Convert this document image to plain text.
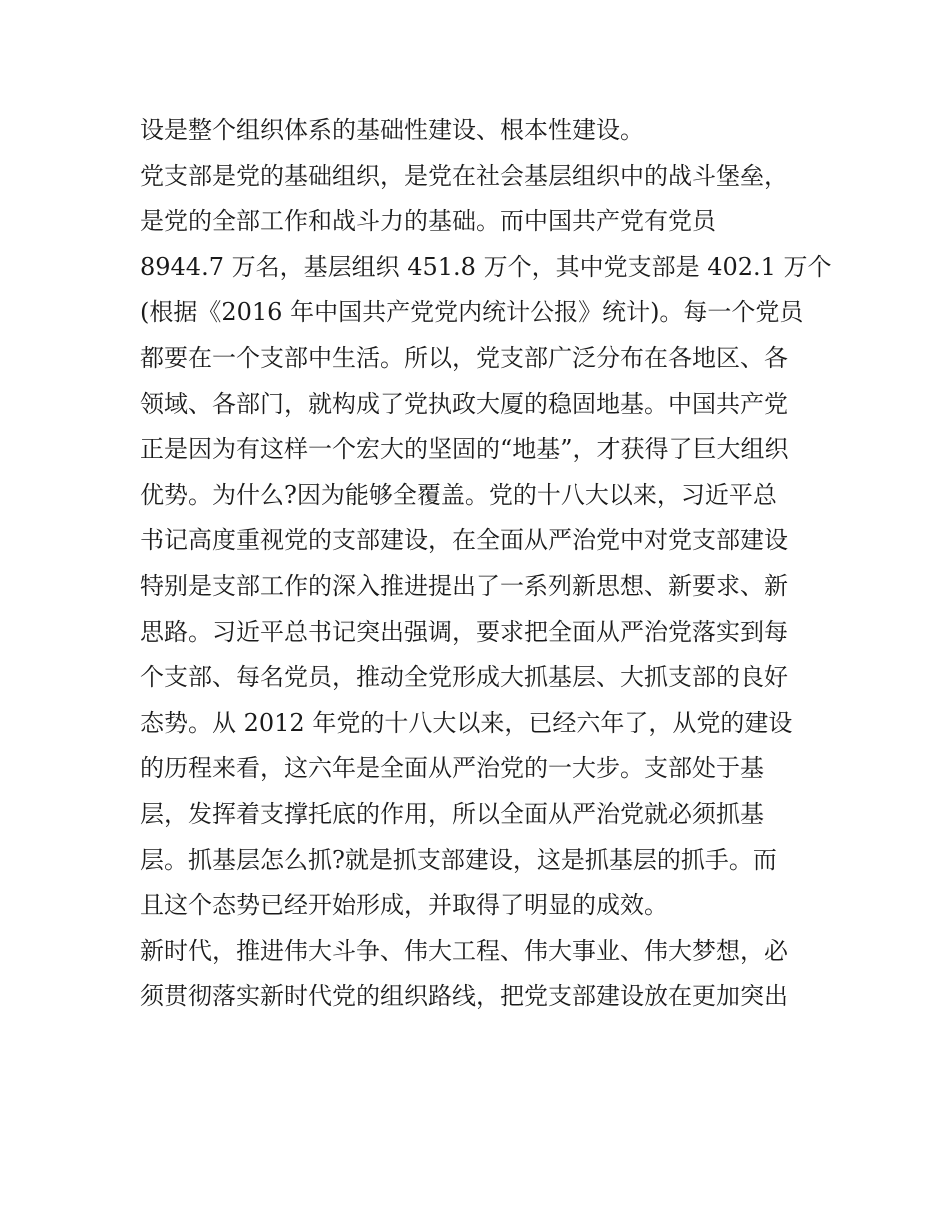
设是整个组织体系的基础性建设、根本性建设。
党支部是党的基础组织，是党在社会基层组织中的战斗堡垒，
是党的全部工作和战斗力的基础。而中国共产党有党员
8944.7 万名，基层组织 451.8 万个，其中党支部是 402.1 万个
(根据《2016 年中国共产党党内统计公报》统计)。每一个党员
都要在一个支部中生活。所以，党支部广泛分布在各地区、各
领域、各部门，就构成了党执政大厦的稳固地基。中国共产党
正是因为有这样一个宏大的坚固的“地基”，才获得了巨大组织
优势。为什么?因为能够全覆盖。党的十八大以来，习近平总
书记高度重视党的支部建设，在全面从严治党中对党支部建设
特别是支部工作的深入推进提出了一系列新思想、新要求、新
思路。习近平总书记突出强调，要求把全面从严治党落实到每
个支部、每名党员，推动全党形成大抓基层、大抓支部的良好
态势。从 2012 年党的十八大以来，已经六年了，从党的建设
的历程来看，这六年是全面从严治党的一大步。支部处于基
层，发挥着支撑托底的作用，所以全面从严治党就必须抓基
层。抓基层怎么抓?就是抓支部建设，这是抓基层的抓手。而
且这个态势已经开始形成，并取得了明显的成效。
新时代，推进伟大斗争、伟大工程、伟大事业、伟大梦想，必
须贯彻落实新时代党的组织路线，把党支部建设放在更加突出
